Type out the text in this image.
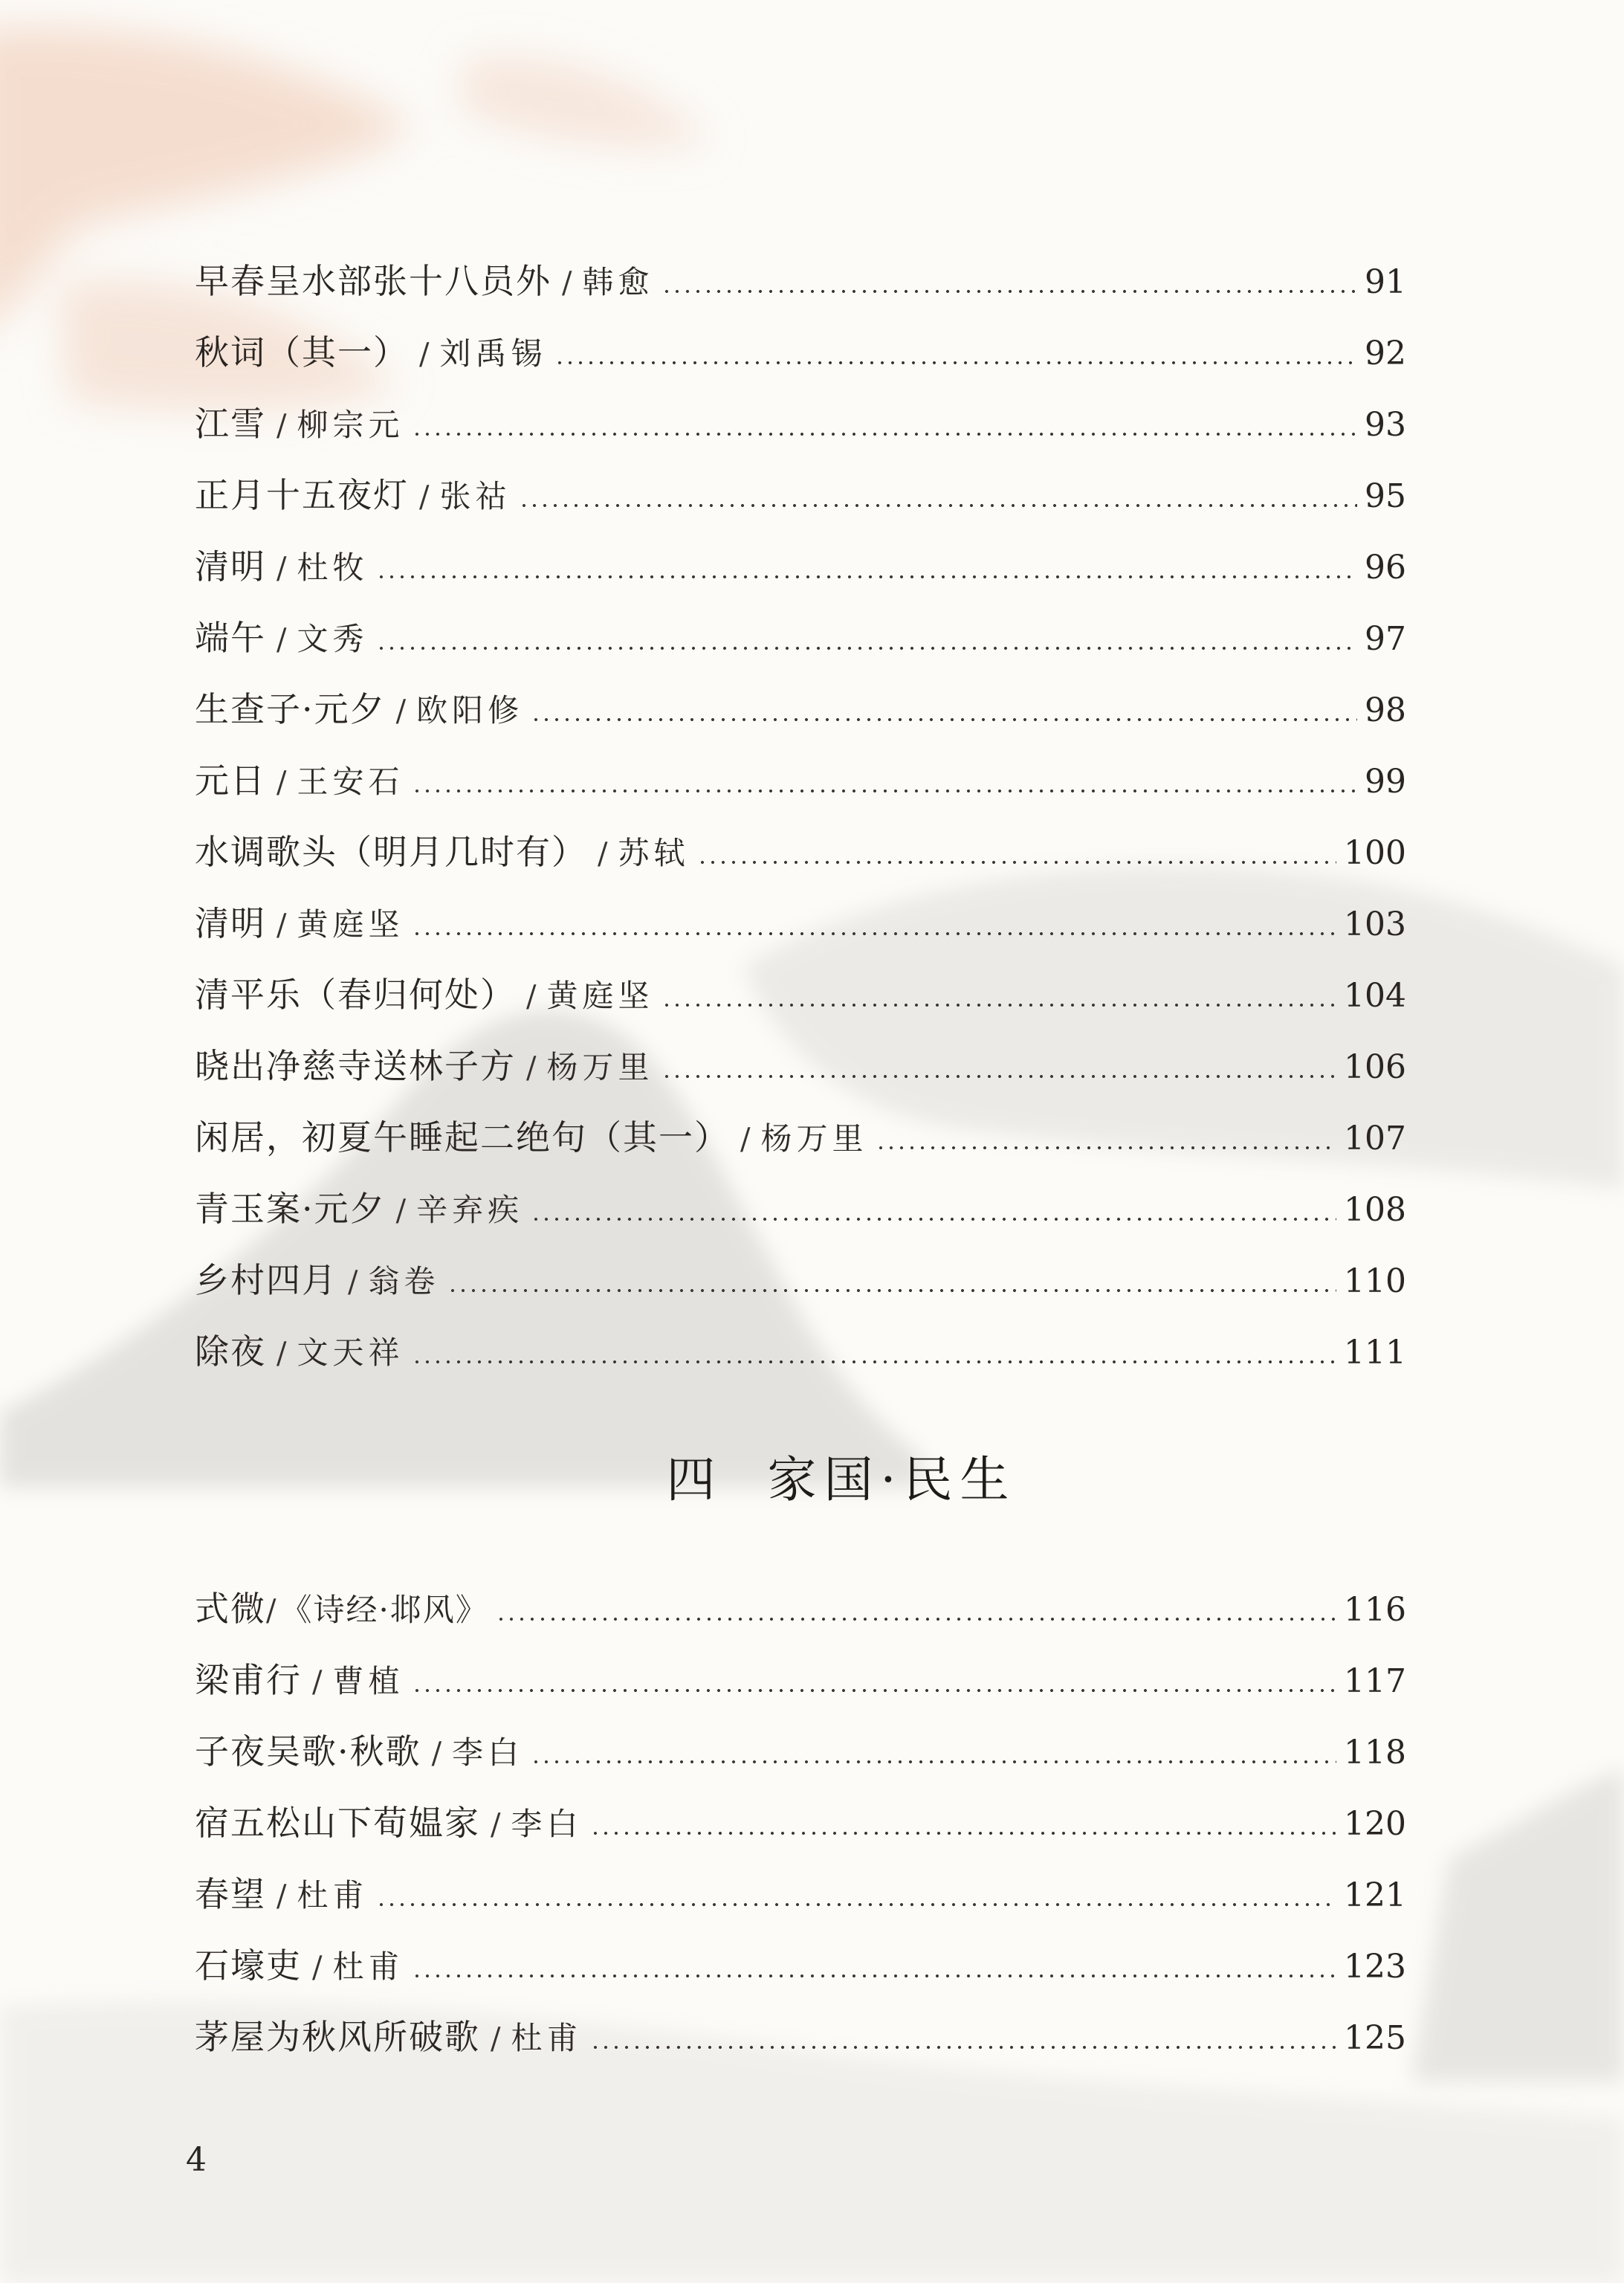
早春呈水部张十八员外 / 韩愈	91
秋词（其一） / 刘禹锡	92
江雪 / 柳宗元	93
正月十五夜灯 / 张祜	95
清明 / 杜牧	96
端午 / 文秀	97
生查子·元夕 / 欧阳修	98
元日 / 王安石	99
水调歌头（明月几时有） / 苏轼	100
清明 / 黄庭坚	103
清平乐（春归何处） / 黄庭坚	104
晓出净慈寺送林子方 / 杨万里	106
闲居，初夏午睡起二绝句（其一） / 杨万里	107
青玉案·元夕 / 辛弃疾	108
乡村四月 / 翁卷	110
除夜 / 文天祥	111
四 家国·民生
式微 / 《诗经·邶风》	116
梁甫行 / 曹植	117
子夜吴歌·秋歌 / 李白	118
宿五松山下荀媪家 / 李白	120
春望 / 杜甫	121
石壕吏 / 杜甫	123
茅屋为秋风所破歌 / 杜甫	125
4
